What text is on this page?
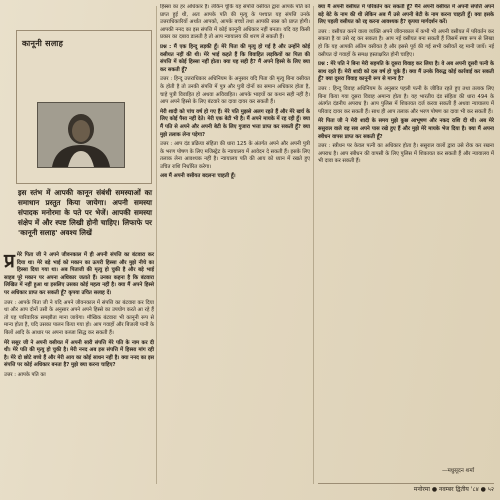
कानूनी सलाह
इस स्तंभ में आपकी कानून संबंधी समस्याओं का समाधान प्रस्तुत किया जायेगा। अपनी समस्या संपादक मनोरमा के पते पर भेजें। आपकी समस्या संक्षेप में और स्पष्ट लिखी होनी चाहिए। लिफाफे पर 'कानूनी सलाह' अवश्य लिखें
प्र मेरे पिता जी ने अपने जीवनकाल में ही अपनी संपत्ति का बंटवारा कर दिया था। मेरे बड़े भाई को मकान का ऊपरी हिस्सा और मुझे नीचे का हिस्सा दिया गया था। अब पिताजी की मृत्यु हो चुकी है और बड़े भाई साहब पूरे मकान पर अपना अधिकार जताते हैं। उनका कहना है कि बंटवारा लिखित में नहीं हुआ था इसलिए उसका कोई महत्व नहीं है। क्या मैं अपने हिस्से पर अधिकार प्राप्त कर सकती हूँ? कृपया उचित सलाह दें।

उत्तर : आपके पिता जी ने यदि अपने जीवनकाल में संपत्ति का बंटवारा कर दिया था और आप दोनों उसी के अनुसार अपने अपने हिस्से का उपयोग करते आ रहे हैं तो यह पारिवारिक समझौता माना जायेगा। मौखिक बंटवारा भी कानूनी रूप से मान्य होता है, यदि उसका पालन किया गया हो। आप गवाहों और बिजली पानी के बिलों आदि के आधार पर अपना कब्जा सिद्ध कर सकती हैं।

मेरे ससुर जी ने अपनी वसीयत में अपनी सारी संपत्ति मेरे पति के नाम कर दी थी। मेरे पति की मृत्यु हो चुकी है। मेरी ननद अब इस संपत्ति में हिस्सा मांग रही है। मेरे दो छोटे बच्चे हैं और मेरी आय का कोई साधन नहीं है। क्या ननद का इस संपत्ति पर कोई अधिकार बनता है? मुझे क्या करना चाहिए?

उत्तर : आपके पति का

हिस्सा का हर अधिकार है। लेकिन चूंकि यह संपत्ति वसीयत द्वारा आपके पति को प्राप्त हुई थी, अतः आपके पति की मृत्यु के पश्चात यह संपत्ति उनके उत्तराधिकारियों अर्थात आपको, आपके बच्चों तथा आपकी सास को प्राप्त होगी। आपकी ननद का इस संपत्ति में कोई कानूनी अधिकार नहीं बनता। यदि वह किसी प्रकार का दबाव डालती है तो आप न्यायालय की शरण ले सकती हैं।

प्रश्न : मैं एक हिन्दू लड़की हूँ। मेरे पिता की मृत्यु हो गई है और उन्होंने कोई वसीयत नहीं की थी। मेरे भाई कहते हैं कि विवाहित लड़कियों का पिता की संपत्ति में कोई हिस्सा नहीं होता। क्या यह सही है? मैं अपने हिस्से के लिए क्या कर सकती हूँ?

उत्तर : हिन्दू उत्तराधिकार अधिनियम के अनुसार यदि पिता की मृत्यु बिना वसीयत के होती है तो उनकी संपत्ति में पुत्र और पुत्री दोनों का समान अधिकार होता है, चाहे पुत्री विवाहित हो अथवा अविवाहित। आपके भाइयों का कथन सही नहीं है। आप अपने हिस्से के लिए बंटवारे का दावा दायर कर सकती हैं।

मेरी शादी को पांच वर्ष हो गए हैं। मेरे पति मुझसे अलग रहते हैं और मेरे खर्च के लिए कोई पैसा नहीं देते। मेरी एक बेटी भी है। मैं अपने मायके में रह रही हूँ। क्या मैं पति से अपने और अपनी बेटी के लिए गुजारा भत्ता प्राप्त कर सकती हूँ? क्या मुझे तलाक लेना पड़ेगा?

उत्तर : आप दंड प्रक्रिया संहिता की धारा 125 के अंतर्गत अपने और अपनी पुत्री के भरण पोषण के लिए मजिस्ट्रेट के न्यायालय में आवेदन दे सकती हैं। इसके लिए तलाक लेना आवश्यक नहीं है। न्यायालय पति की आय को ध्यान में रखते हुए उचित राशि निर्धारित करेगा।

अब मैं अपनी वसीयत बदलना चाहती हूँ।

क्या मैं अपनी वसीयत में परिवर्तन कर सकती हूँ? मैंने अपनी वसीयत में अपनी संपत्ति अपने बड़े बेटे के नाम की थी लेकिन अब मैं उसे अपनी बेटी के नाम करना चाहती हूँ। क्या इसके लिए पहली वसीयत को रद्द करना आवश्यक है? कृपया मार्गदर्शन करें।

उत्तर : वसीयत करने वाला व्यक्ति अपने जीवनकाल में कभी भी अपनी वसीयत में परिवर्तन कर सकता है या उसे रद्द कर सकता है। आप नई वसीयत बना सकती हैं जिसमें स्पष्ट रूप से लिखा हो कि यह आपकी अंतिम वसीयत है और इससे पूर्व की गई सभी वसीयतें रद्द मानी जायें। नई वसीयत दो गवाहों के समक्ष हस्ताक्षरित होनी चाहिए।

प्रश्न : मेरे पति ने बिना मेरी सहमति के दूसरा विवाह कर लिया है। वे अब अपनी दूसरी पत्नी के साथ रहते हैं। मेरी शादी को दस वर्ष हो चुके हैं। क्या मैं उनके विरुद्ध कोई कार्रवाई कर सकती हूँ? क्या दूसरा विवाह कानूनी रूप से मान्य है?

उत्तर : हिन्दू विवाह अधिनियम के अनुसार पहली पत्नी के जीवित रहते हुए तथा तलाक लिए बिना किया गया दूसरा विवाह अमान्य होता है। यह भारतीय दंड संहिता की धारा 494 के अंतर्गत दंडनीय अपराध है। आप पुलिस में शिकायत दर्ज करवा सकती हैं अथवा न्यायालय में परिवाद दायर कर सकती हैं। साथ ही आप तलाक और भरण पोषण का दावा भी कर सकती हैं।

मेरे पिता जी ने मेरी शादी के समय मुझे कुछ आभूषण और नकद राशि दी थी। अब मेरे ससुराल वाले वह सब अपने पास रखे हुए हैं और मुझे मेरे मायके भेज दिया है। क्या मैं अपना स्त्रीधन वापस प्राप्त कर सकती हूँ?

उत्तर : स्त्रीधन पर केवल पत्नी का अधिकार होता है। ससुराल वालों द्वारा उसे रोक कर रखना अपराध है। आप स्त्रीधन की वापसी के लिए पुलिस में शिकायत कर सकती हैं और न्यायालय में भी दावा कर सकती हैं।

—मधुसूदन शर्मा
मनोरमा ● नवम्बर द्वितीय '८४ ● ५२
